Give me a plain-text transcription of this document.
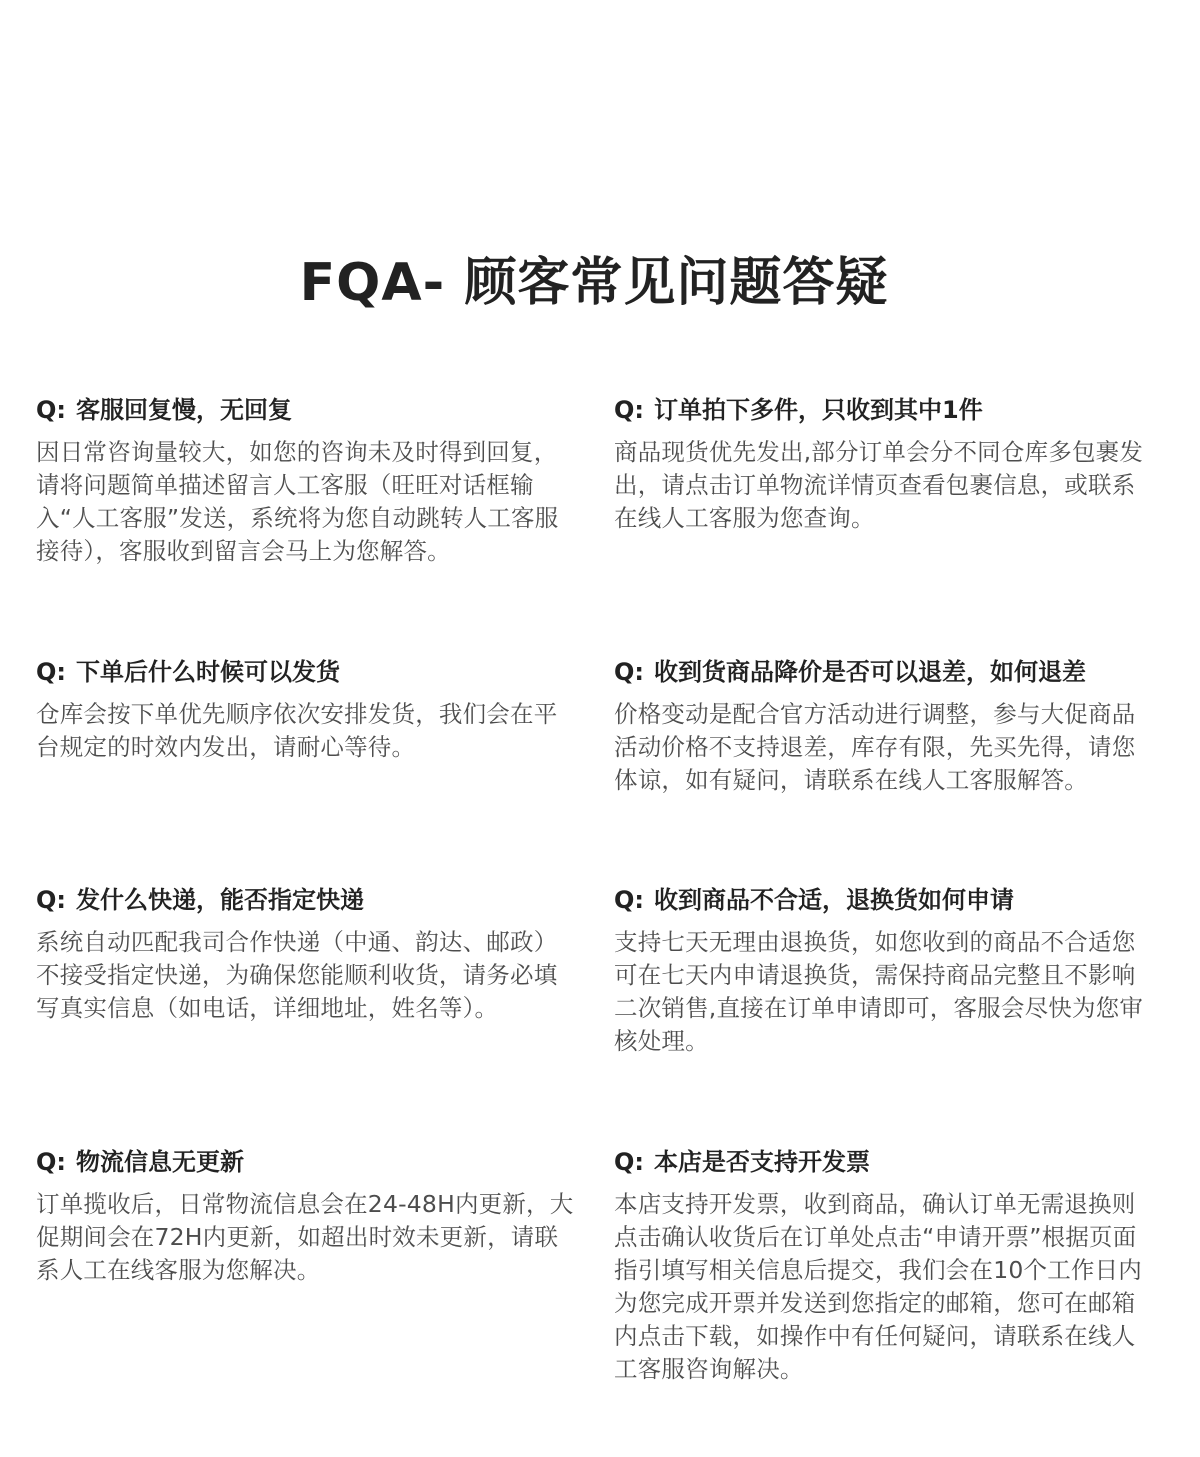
FQA- 顾客常见问题答疑
Q: 客服回复慢，无回复

因日常咨询量较大，如您的咨询未及时得到回复，请将问题简单描述留言人工客服（旺旺对话框输入“人工客服”发送，系统将为您自动跳转人工客服接待），客服收到留言会马上为您解答。

Q: 订单拍下多件，只收到其中1件

商品现货优先发出,部分订单会分不同仓库多包裹发出，请点击订单物流详情页查看包裹信息，或联系在线人工客服为您查询。

Q: 下单后什么时候可以发货

仓库会按下单优先顺序依次安排发货，我们会在平台规定的时效内发出，请耐心等待。

Q: 收到货商品降价是否可以退差，如何退差

价格变动是配合官方活动进行调整，参与大促商品活动价格不支持退差，库存有限，先买先得，请您体谅，如有疑问，请联系在线人工客服解答。

Q: 发什么快递，能否指定快递

系统自动匹配我司合作快递（中通、韵达、邮政）不接受指定快递，为确保您能顺利收货，请务必填写真实信息（如电话，详细地址，姓名等）。

Q: 收到商品不合适，退换货如何申请

支持七天无理由退换货，如您收到的商品不合适您可在七天内申请退换货，需保持商品完整且不影响二次销售,直接在订单申请即可，客服会尽快为您审核处理。

Q: 物流信息无更新

订单揽收后，日常物流信息会在24-48H内更新，大促期间会在72H内更新，如超出时效未更新，请联系人工在线客服为您解决。

Q: 本店是否支持开发票

本店支持开发票，收到商品，确认订单无需退换则点击确认收货后在订单处点击“申请开票”根据页面指引填写相关信息后提交，我们会在10个工作日内为您完成开票并发送到您指定的邮箱，您可在邮箱内点击下载，如操作中有任何疑问，请联系在线人工客服咨询解决。
